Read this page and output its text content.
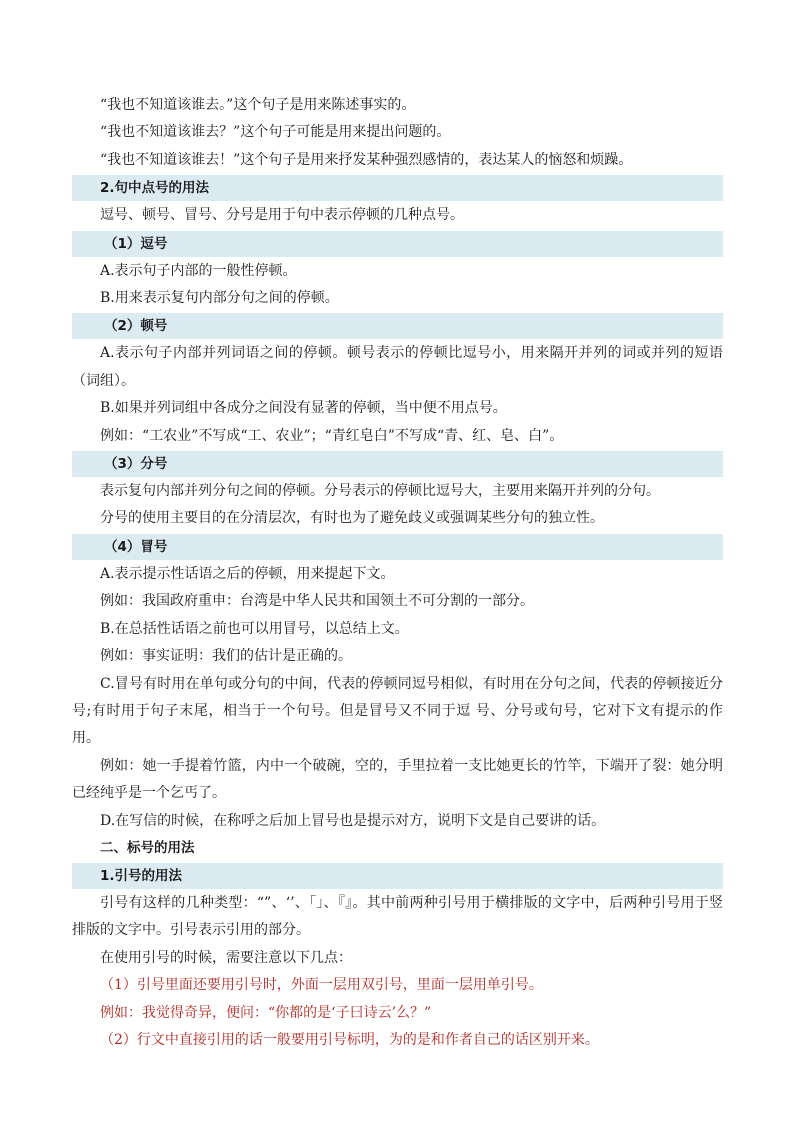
“我也不知道该谁去。”这个句子是用来陈述事实的。

“我也不知道该谁去？”这个句子可能是用来提出问题的。

“我也不知道该谁去！”这个句子是用来抒发某种强烈感情的，表达某人的恼怒和烦躁。

2.句中点号的用法

逗号、顿号、冒号、分号是用于句中表示停顿的几种点号。

（1）逗号

A.表示句子内部的一般性停顿。

B.用来表示复句内部分句之间的停顿。

（2）顿号

A.表示句子内部并列词语之间的停顿。顿号表示的停顿比逗号小，用来隔开并列的词或并列的短语（词组）。

B.如果并列词组中各成分之间没有显著的停顿，当中便不用点号。

例如：“工农业”不写成“工、农业”；“青红皂白”不写成“青、红、皂、白”。

（3）分号

表示复句内部并列分句之间的停顿。分号表示的停顿比逗号大，主要用来隔开并列的分句。

分号的使用主要目的在分清层次，有时也为了避免歧义或强调某些分句的独立性。

（4）冒号

A.表示提示性话语之后的停顿，用来提起下文。

例如：我国政府重申：台湾是中华人民共和国领土不可分割的一部分。

B.在总括性话语之前也可以用冒号，以总结上文。

例如：事实证明：我们的估计是正确的。

C.冒号有时用在单句或分句的中间，代表的停顿同逗号相似，有时用在分句之间，代表的停顿接近分号;有时用于句子末尾，相当于一个句号。但是冒号又不同于逗 号、分号或句号，它对下文有提示的作用。

例如：她一手提着竹篮，内中一个破碗，空的，手里拉着一支比她更长的竹竿，下端开了裂：她分明已经纯乎是一个乞丐了。

D.在写信的时候，在称呼之后加上冒号也是提示对方，说明下文是自己要讲的话。

二、标号的用法
1.引号的用法

引号有这样的几种类型：“”、‘’、「」、『』。其中前两种引号用于横排版的文字中，后两种引号用于竖排版的文字中。引号表示引用的部分。

在使用引号的时候，需要注意以下几点：

（1）引号里面还要用引号时，外面一层用双引号，里面一层用单引号。

例如：我觉得奇异，便问：“你都的是‘子曰诗云’么？”

（2）行文中直接引用的话一般要用引号标明，为的是和作者自己的话区别开来。
